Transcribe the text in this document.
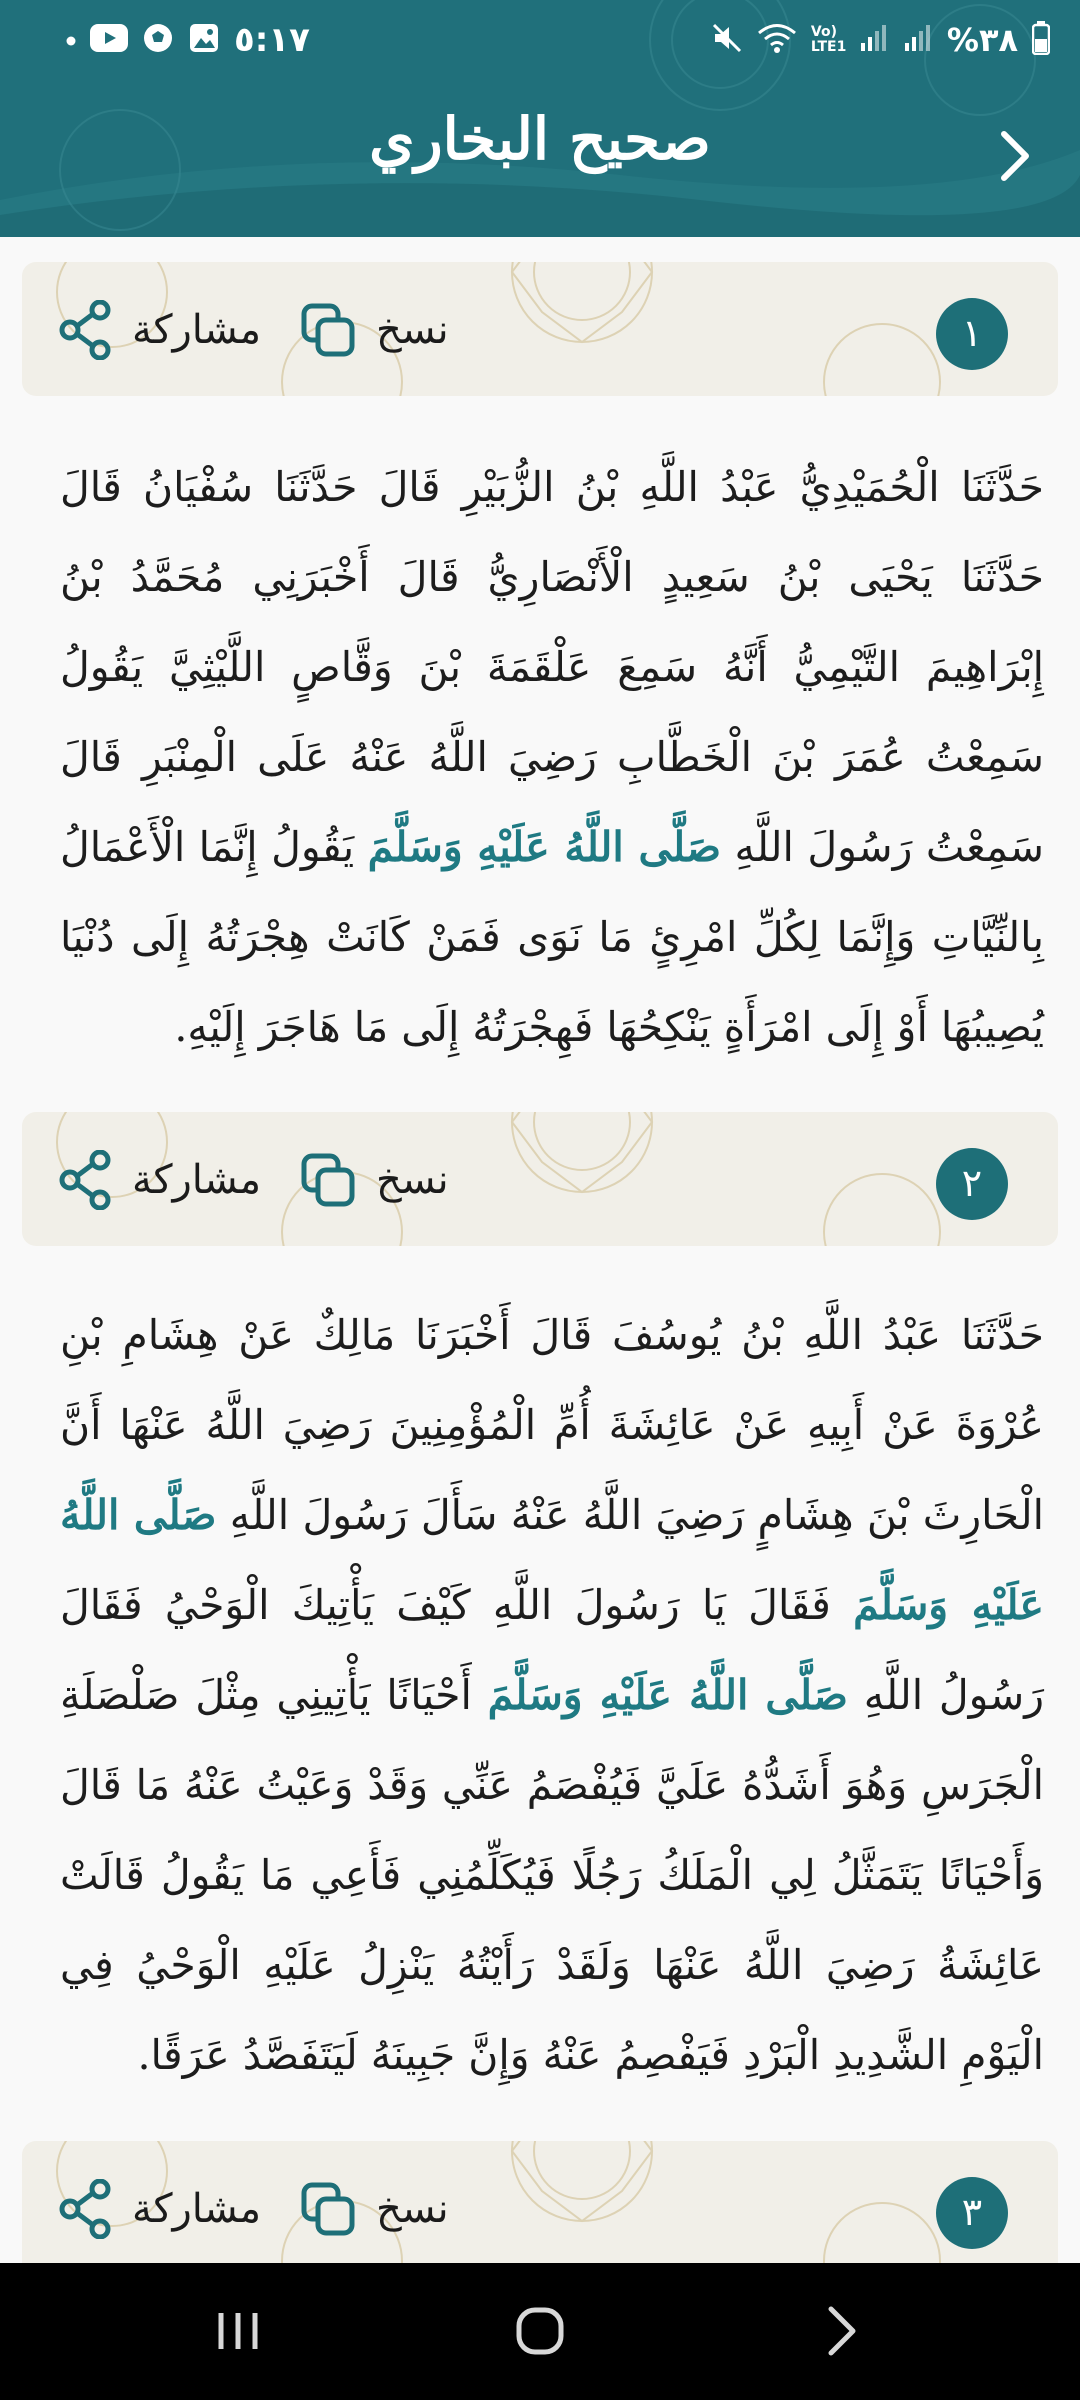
%٣٨
Vo) LTE1
٥:١٧
صحيح البخاري
١
نسخ
مشاركة
حَدَّثَنَا الْحُمَيْدِيُّ عَبْدُ اللَّهِ بْنُ الزُّبَيْرِ قَالَ حَدَّثَنَا سُفْيَانُ قَالَ حَدَّثَنَا يَحْيَى بْنُ سَعِيدٍ الْأَنْصَارِيُّ قَالَ أَخْبَرَنِي مُحَمَّدُ بْنُ إِبْرَاهِيمَ التَّيْمِيُّ أَنَّهُ سَمِعَ عَلْقَمَةَ بْنَ وَقَّاصٍ اللَّيْثِيَّ يَقُولُ سَمِعْتُ عُمَرَ بْنَ الْخَطَّابِ رَضِيَ اللَّهُ عَنْهُ عَلَى الْمِنْبَرِ قَالَ سَمِعْتُ رَسُولَ اللَّهِ صَلَّى اللَّهُ عَلَيْهِ وَسَلَّمَ يَقُولُ إِنَّمَا الْأَعْمَالُ بِالنِّيَّاتِ وَإِنَّمَا لِكُلِّ امْرِئٍ مَا نَوَى فَمَنْ كَانَتْ هِجْرَتُهُ إِلَى دُنْيَا يُصِيبُهَا أَوْ إِلَى امْرَأَةٍ يَنْكِحُهَا فَهِجْرَتُهُ إِلَى مَا هَاجَرَ إِلَيْهِ.
٢
نسخ
مشاركة
حَدَّثَنَا عَبْدُ اللَّهِ بْنُ يُوسُفَ قَالَ أَخْبَرَنَا مَالِكٌ عَنْ هِشَامِ بْنِ عُرْوَةَ عَنْ أَبِيهِ عَنْ عَائِشَةَ أُمِّ الْمُؤْمِنِينَ رَضِيَ اللَّهُ عَنْهَا أَنَّ الْحَارِثَ بْنَ هِشَامٍ رَضِيَ اللَّهُ عَنْهُ سَأَلَ رَسُولَ اللَّهِ صَلَّى اللَّهُ عَلَيْهِ وَسَلَّمَ فَقَالَ يَا رَسُولَ اللَّهِ كَيْفَ يَأْتِيكَ الْوَحْيُ فَقَالَ رَسُولُ اللَّهِ صَلَّى اللَّهُ عَلَيْهِ وَسَلَّمَ أَحْيَانًا يَأْتِينِي مِثْلَ صَلْصَلَةِ الْجَرَسِ وَهُوَ أَشَدُّهُ عَلَيَّ فَيُفْصَمُ عَنِّي وَقَدْ وَعَيْتُ عَنْهُ مَا قَالَ وَأَحْيَانًا يَتَمَثَّلُ لِي الْمَلَكُ رَجُلًا فَيُكَلِّمُنِي فَأَعِي مَا يَقُولُ قَالَتْ عَائِشَةُ رَضِيَ اللَّهُ عَنْهَا وَلَقَدْ رَأَيْتُهُ يَنْزِلُ عَلَيْهِ الْوَحْيُ فِي الْيَوْمِ الشَّدِيدِ الْبَرْدِ فَيَفْصِمُ عَنْهُ وَإِنَّ جَبِينَهُ لَيَتَفَصَّدُ عَرَقًا.
٣
نسخ
مشاركة
